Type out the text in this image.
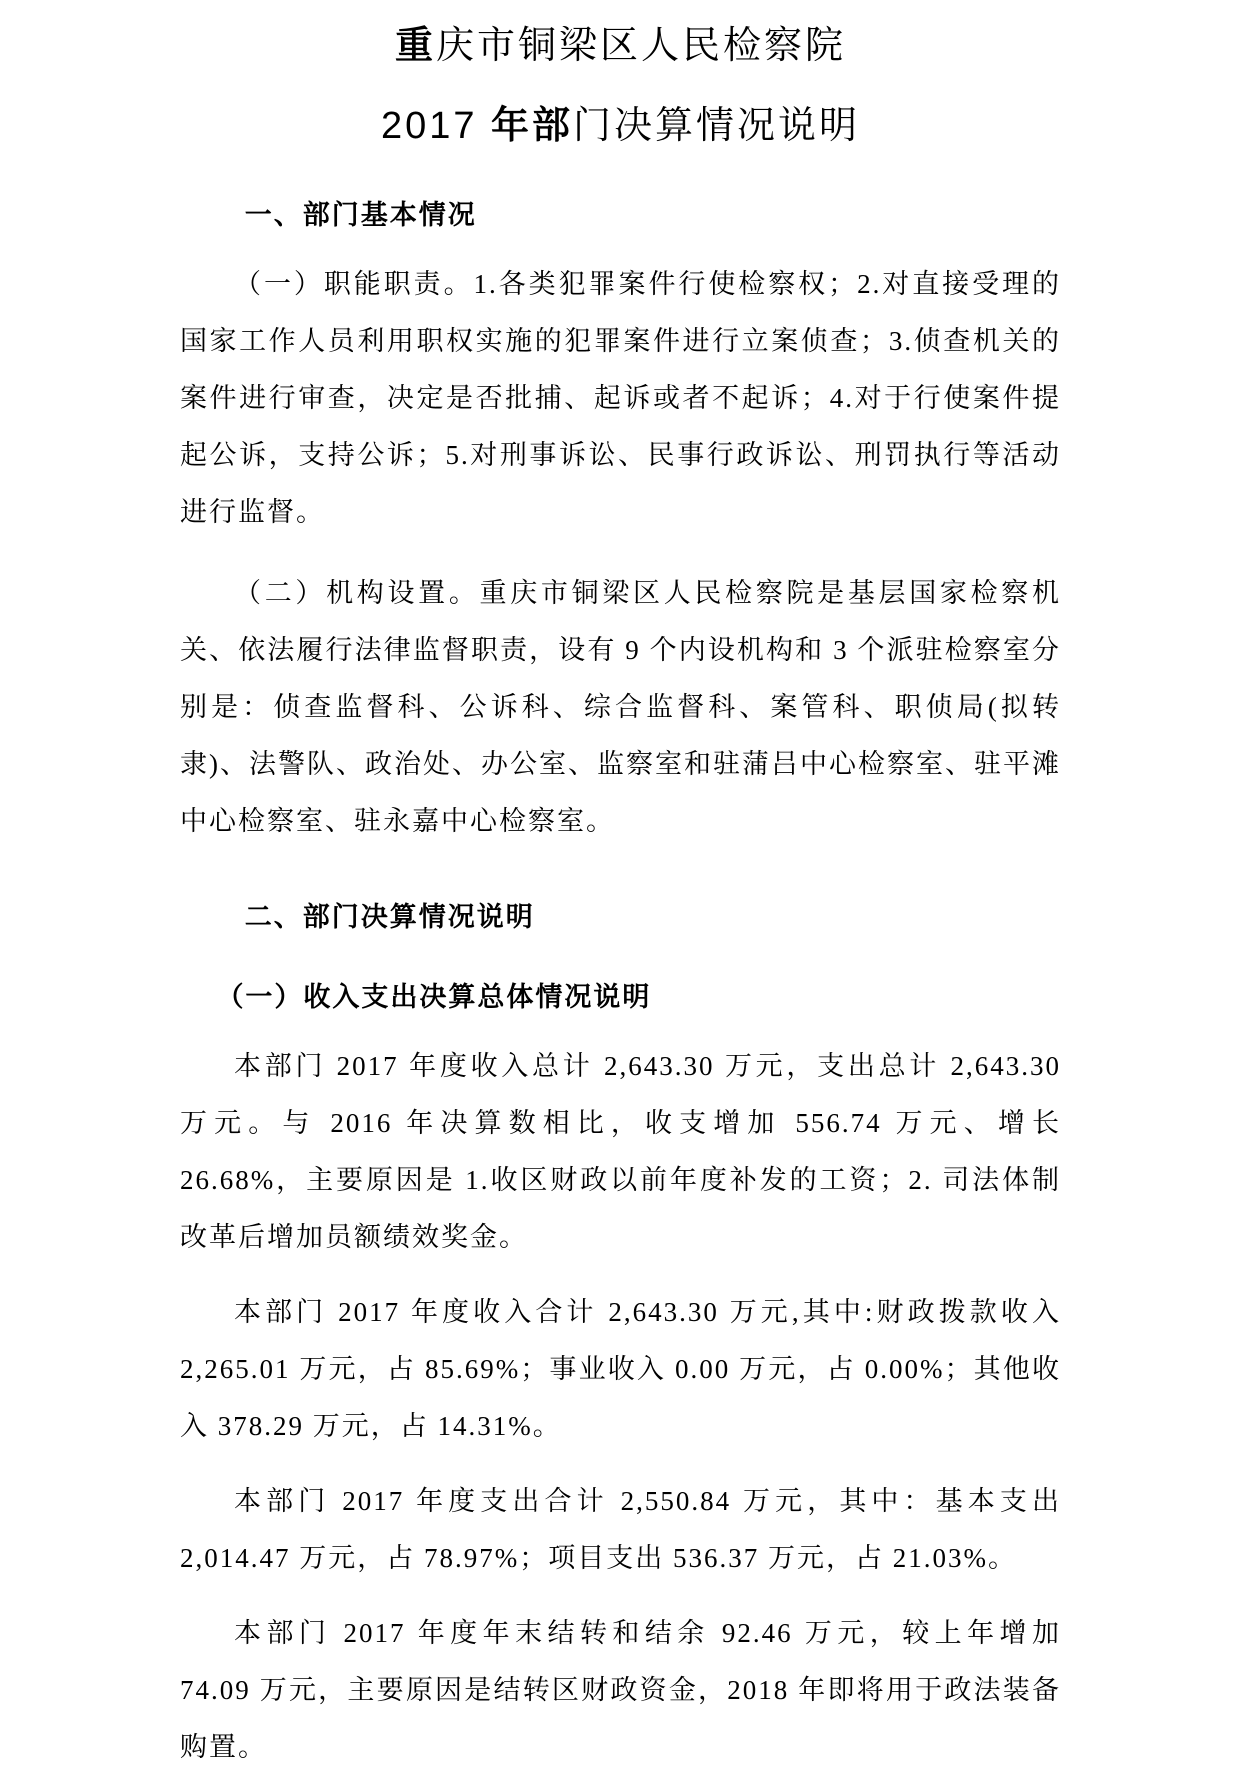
重庆市铜梁区人民检察院
2017 年部门决算情况说明
一、部门基本情况

（一）职能职责。1.各类犯罪案件行使检察权；2.对直接受理的国家工作人员利用职权实施的犯罪案件进行立案侦查；3.侦查机关的案件进行审查，决定是否批捕、起诉或者不起诉；4.对于行使案件提起公诉，支持公诉；5.对刑事诉讼、民事行政诉讼、刑罚执行等活动进行监督。

（二）机构设置。重庆市铜梁区人民检察院是基层国家检察机关、依法履行法律监督职责，设有 9 个内设机构和 3 个派驻检察室分别是：侦查监督科、公诉科、综合监督科、案管科、职侦局(拟转隶)、法警队、政治处、办公室、监察室和驻蒲吕中心检察室、驻平滩中心检察室、驻永嘉中心检察室。

二、部门决算情况说明
（一）收入支出决算总体情况说明

本部门 2017 年度收入总计 2,643.30 万元，支出总计 2,643.30 万元。与 2016 年决算数相比，收支增加 556.74 万元、增长 26.68%，主要原因是 1.收区财政以前年度补发的工资；2. 司法体制改革后增加员额绩效奖金。

本部门 2017 年度收入合计 2,643.30 万元,其中:财政拨款收入 2,265.01 万元，占 85.69%；事业收入 0.00 万元，占 0.00%；其他收入 378.29 万元，占 14.31%。

本部门 2017 年度支出合计 2,550.84 万元，其中：基本支出 2,014.47 万元，占 78.97%；项目支出 536.37 万元，占 21.03%。

本部门 2017 年度年末结转和结余 92.46 万元，较上年增加 74.09 万元，主要原因是结转区财政资金，2018 年即将用于政法装备购置。
